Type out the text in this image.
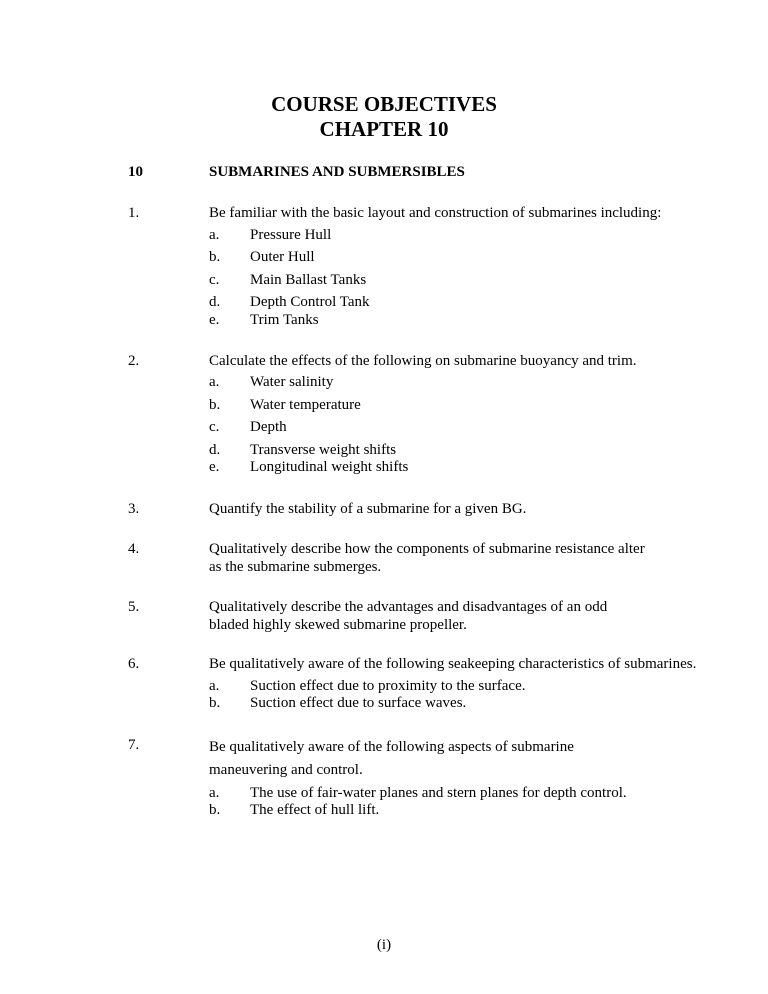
COURSE OBJECTIVES
CHAPTER 10
10	SUBMARINES AND SUBMERSIBLES
1.	Be familiar with the basic layout and construction of submarines including:
a. Pressure Hull
b. Outer Hull
c. Main Ballast Tanks
d. Depth Control Tank
e. Trim Tanks
2.	Calculate the effects of the following on submarine buoyancy and trim.
a. Water salinity
b. Water temperature
c. Depth
d. Transverse weight shifts
e. Longitudinal weight shifts
3.	Quantify the stability of a submarine for a given BG.
4.	Qualitatively describe how the components of submarine resistance alter as the submarine submerges.
5.	Qualitatively describe the advantages and disadvantages of an odd bladed highly skewed submarine propeller.
6.	Be qualitatively aware of the following seakeeping characteristics of submarines.
a. Suction effect due to proximity to the surface.
b. Suction effect due to surface waves.
7.	Be qualitatively aware of the following aspects of submarine maneuvering and control.
a. The use of fair-water planes and stern planes for depth control.
b. The effect of hull lift.
(i)
